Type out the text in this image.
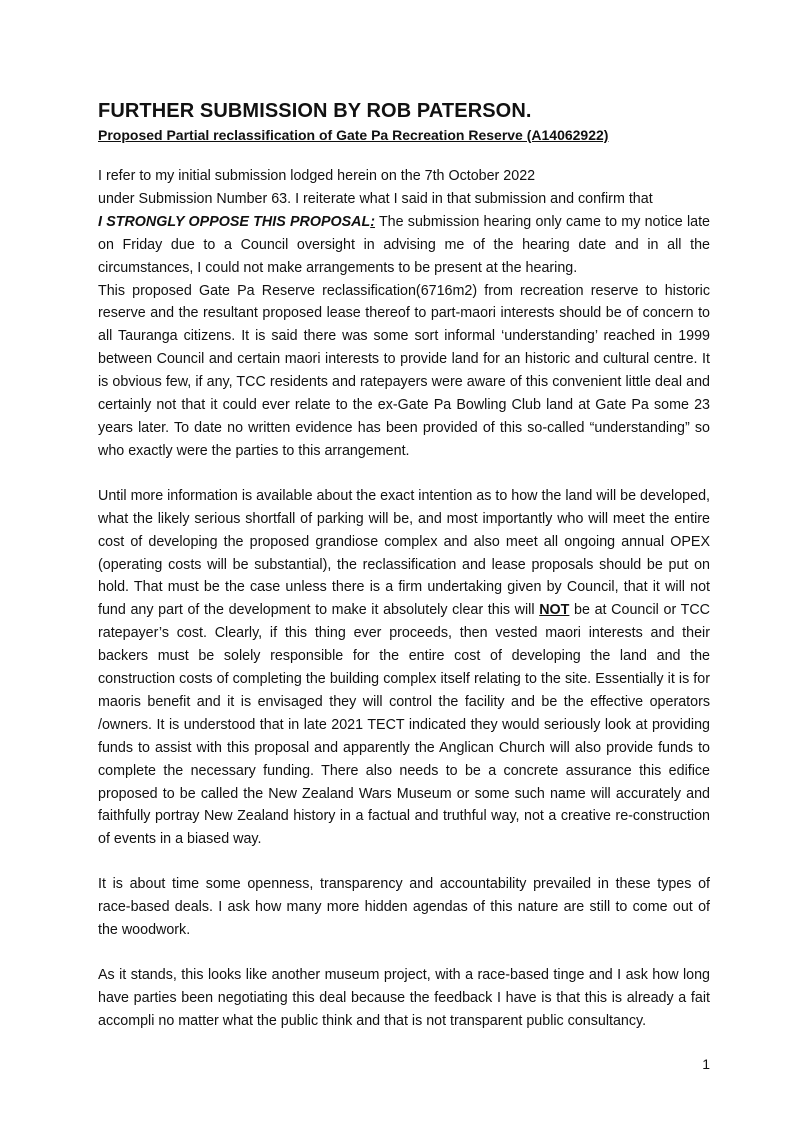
FURTHER SUBMISSION BY ROB PATERSON.

Proposed Partial reclassification of Gate Pa Recreation Reserve (A14062922)

I refer to my initial submission lodged herein on the 7th October 2022

under Submission Number 63. I reiterate what I said in that submission and confirm that

I STRONGLY OPPOSE THIS PROPOSAL: The submission hearing only came to my notice late on Friday due to a Council oversight in advising me of the hearing date and in all the circumstances, I could not make arrangements to be present at the hearing.

This proposed Gate Pa Reserve reclassification(6716m2) from recreation reserve to historic reserve and the resultant proposed lease thereof to part-maori interests should be of concern to all Tauranga citizens. It is said there was some sort informal ‘understanding’ reached in 1999 between Council and certain maori interests to provide land for an historic and cultural centre. It is obvious few, if any, TCC residents and ratepayers were aware of this convenient little deal and certainly not that it could ever relate to the ex-Gate Pa Bowling Club land at Gate Pa some 23 years later. To date no written evidence has been provided of this so-called “understanding” so who exactly were the parties to this arrangement.

Until more information is available about the exact intention as to how the land will be developed, what the likely serious shortfall of parking will be, and most importantly who will meet the entire cost of developing the proposed grandiose complex and also meet all ongoing annual OPEX (operating costs will be substantial), the reclassification and lease proposals should be put on hold. That must be the case unless there is a firm undertaking given by Council, that it will not fund any part of the development to make it absolutely clear this will NOT be at Council or TCC ratepayer’s cost. Clearly, if this thing ever proceeds, then vested maori interests and their backers must be solely responsible for the entire cost of developing the land and the construction costs of completing the building complex itself relating to the site. Essentially it is for maoris benefit and it is envisaged they will control the facility and be the effective operators /owners. It is understood that in late 2021 TECT indicated they would seriously look at providing funds to assist with this proposal and apparently the Anglican Church will also provide funds to complete the necessary funding. There also needs to be a concrete assurance this edifice proposed to be called the New Zealand Wars Museum or some such name will accurately and faithfully portray New Zealand history in a factual and truthful way, not a creative re-construction of events in a biased way.

It is about time some openness, transparency and accountability prevailed in these types of race-based deals. I ask how many more hidden agendas of this nature are still to come out of the woodwork.

As it stands, this looks like another museum project, with a race-based tinge and I ask how long have parties been negotiating this deal because the feedback I have is that this is already a fait accompli no matter what the public think and that is not transparent public consultancy.

1
